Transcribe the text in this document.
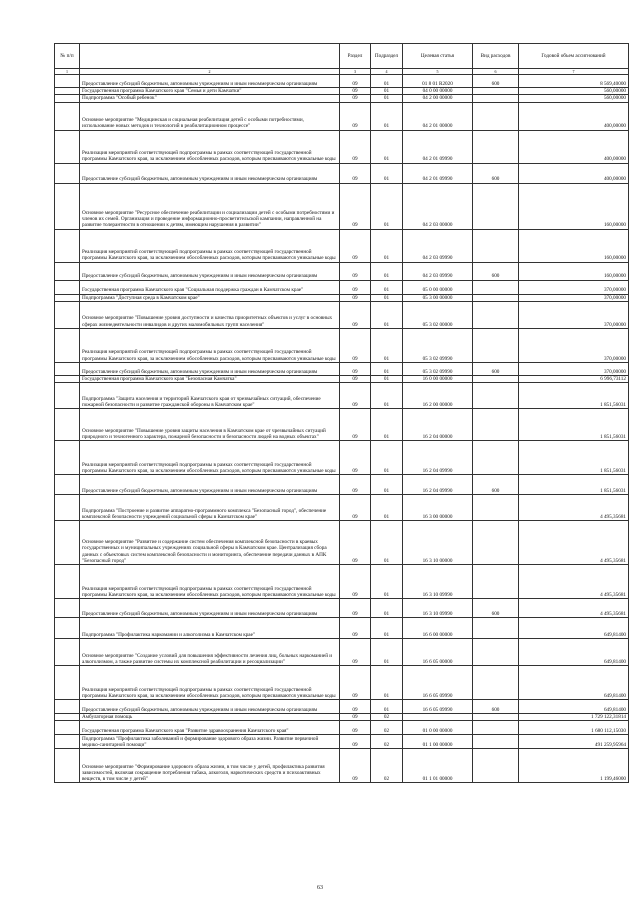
№ п/п		Раздел	Подраздел	Целевая статья	Вид расходов	Годовой объем ассигнований
1	2	3	4	5	6	7
	Предоставление субсидий бюджетным, автономным учреждениям и иным некоммерческим организациям	09	01	01 8 01 R2020	600	8 569,40000
	Государственная программа Камчатского края "Семья и дети Камчатки"	09	01	04 0 00 00000		560,00000
	Подпрограмма "Особый ребенок"	09	01	04 2 00 00000		560,00000
	Основное мероприятие "Медицинская и социальная реабилитация детей с особыми потребностями, использование новых методов и технологий в реабилитационном процессе"	09	01	04 2 01 00000		400,00000
	Реализация мероприятий соответствующей подпрограммы в рамках соответствующей государственной программы Камчатского края, за исключением обособленных расходов, которым присваиваются уникальные коды	09	01	04 2 01 09990		400,00000
	Предоставление субсидий бюджетным, автономным учреждениям и иным некоммерческим организациям	09	01	04 2 01 09990	600	400,00000
	Основное мероприятие "Ресурсное обеспечение реабилитации и социализации детей с особыми потребностями и членов их семей. Организация и проведение информационно-просветительской кампании, направленной на развитие толерантности в отношении к детям, имеющим нарушения в развитии"	09	01	04 2 03 00000		160,00000
	Реализация мероприятий соответствующей подпрограммы в рамках соответствующей государственной программы Камчатского края, за исключением обособленных расходов, которым присваиваются уникальные коды	09	01	04 2 03 09990		160,00000
	Предоставление субсидий бюджетным, автономным учреждениям и иным некоммерческим организациям	09	01	04 2 03 09990	600	160,00000
	Государственная программа Камчатского края "Социальная поддержка граждан в Камчатском крае"	09	01	05 0 00 00000		370,00000
	Подпрограмма "Доступная среда в Камчатском крае"	09	01	05 3 00 00000		370,00000
	Основное мероприятие "Повышение уровня доступности и качества приоритетных объектов и услуг в основных сферах жизнедеятельности инвалидов и других маломобильных групп населения"	09	01	05 3 02 00000		370,00000
	Реализация мероприятий соответствующей подпрограммы в рамках соответствующей государственной программы Камчатского края, за исключением обособленных расходов, которым присваиваются уникальные коды	09	01	05 3 02 09990		370,00000
	Предоставление субсидий бюджетным, автономным учреждениям и иным некоммерческим организациям	09	01	05 3 02 09990	600	370,00000
	Государственная программа Камчатского края "Безопасная Камчатка"	09	01	16 0 00 00000		6 996,73112
	Подпрограмма "Защита населения и территорий Камчатского края от чрезвычайных ситуаций, обеспечение пожарной безопасности и развитие гражданской обороны в Камчатском крае"	09	01	16 2 00 00000		1 851,56031
	Основное мероприятие "Повышение уровня защиты населения в Камчатском крае от чрезвычайных ситуаций природного и техногенного характера, пожарной безопасности и безопасности людей на водных объектах"	09	01	16 2 04 00000		1 851,56031
	Реализация мероприятий соответствующей подпрограммы в рамках соответствующей государственной программы Камчатского края, за исключением обособленных расходов, которым присваиваются уникальные коды	09	01	16 2 04 09990		1 851,56031
	Предоставление субсидий бюджетным, автономным учреждениям и иным некоммерческим организациям	09	01	16 2 04 09990	600	1 851,56031
	Подпрограмма "Построение и развитие аппаратно-программного комплекса "Безопасный город", обеспечение комплексной безопасности учреждений социальной сферы в Камчатском крае"	09	01	16 3 00 00000		4 495,35681
	Основное мероприятие "Развитие и содержание систем обеспечения комплексной безопасности в краевых государственных и муниципальных учреждениях социальной сферы в Камчатском крае. Централизация сбора данных с объектовых систем комплексной безопасности и мониторинга, обеспечение передачи данных в АПК "Безопасный город"	09	01	16 3 10 00000		4 495,35681
	Реализация мероприятий соответствующей подпрограммы в рамках соответствующей государственной программы Камчатского края, за исключением обособленных расходов, которым присваиваются уникальные коды	09	01	16 3 10 09990		4 495,35681
	Предоставление субсидий бюджетным, автономным учреждениям и иным некоммерческим организациям	09	01	16 3 10 09990	600	4 495,35681
	Подпрограмма "Профилактика наркомании и алкоголизма в Камчатском крае"	09	01	16 6 00 00000		649,81400
	Основное мероприятие "Создание условий для повышения эффективности лечения лиц, больных наркоманией и алкоголизмом, а также развитие системы их комплексной реабилитации и ресоциализации"	09	01	16 6 05 00000		649,81400
	Реализация мероприятий соответствующей подпрограммы в рамках соответствующей государственной программы Камчатского края, за исключением обособленных расходов, которым присваиваются уникальные коды	09	01	16 6 05 09990		649,81400
	Предоставление субсидий бюджетным, автономным учреждениям и иным некоммерческим организациям	09	01	16 6 05 09990	600	649,81400
	Амбулаторная помощь	09	02			1 729 122,31814
	Государственная программа Камчатского края "Развитие здравоохранения Камчатского края"	09	02	01 0 00 00000		1 680 112,15030
	Подпрограмма "Профилактика заболеваний и формирование здорового образа жизни. Развитие первичной медико-санитарной помощи"	09	02	01 1 00 00000		491 259,95964
	Основное мероприятие "Формирование здорового образа жизни, в том числе у детей, профилактика развития зависимостей, включая сокращение потребления табака, алкоголя, наркотических средств и психоактивных веществ, в том числе у детей"	09	02	01 1 01 00000		1 199,46000
63
